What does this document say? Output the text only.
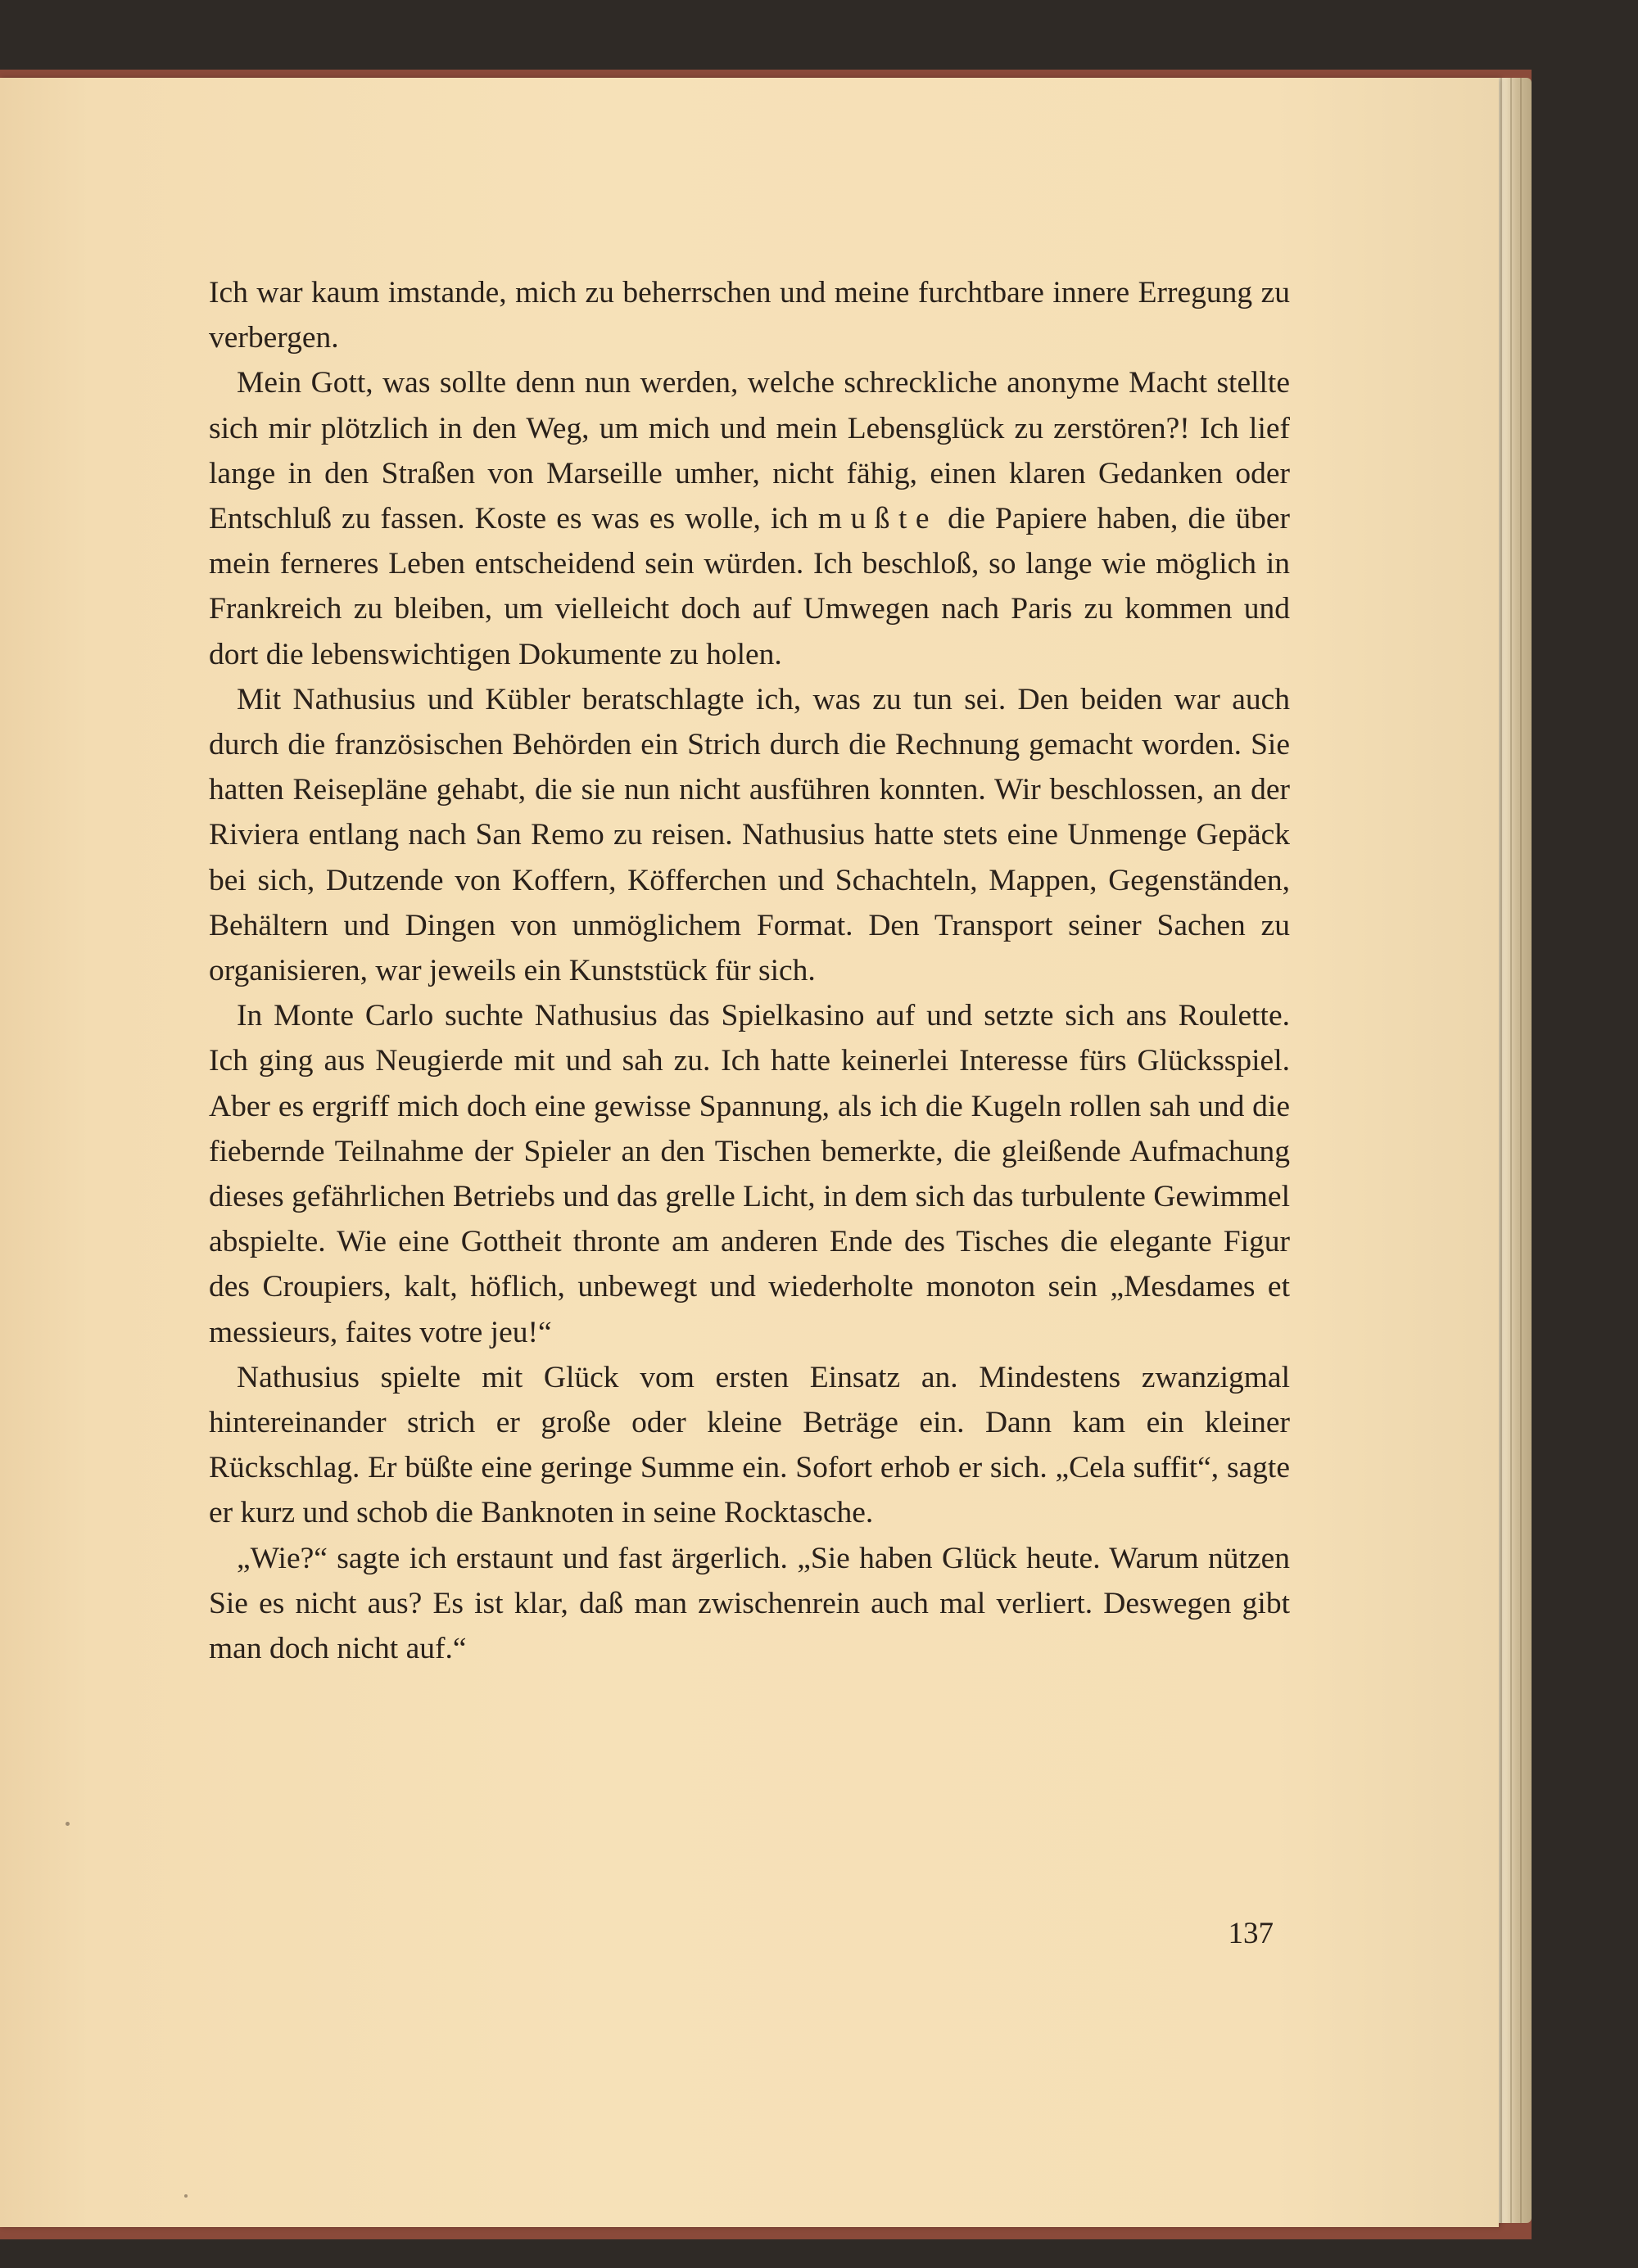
Ich war kaum imstande, mich zu beherrschen und meine furchtbare innere Erregung zu verbergen.

Mein Gott, was sollte denn nun werden, welche schreckliche anonyme Macht stellte sich mir plötzlich in den Weg, um mich und mein Lebensglück zu zerstören?! Ich lief lange in den Straßen von Marseille umher, nicht fähig, einen klaren Gedanken oder Entschluß zu fassen. Koste es was es wolle, ich mußte die Papiere haben, die über mein ferneres Leben entscheidend sein würden. Ich beschloß, so lange wie möglich in Frankreich zu bleiben, um vielleicht doch auf Umwegen nach Paris zu kommen und dort die lebenswichtigen Dokumente zu holen.

Mit Nathusius und Kübler beratschlagte ich, was zu tun sei. Den beiden war auch durch die französischen Behörden ein Strich durch die Rechnung gemacht worden. Sie hatten Reisepläne gehabt, die sie nun nicht ausführen konnten. Wir beschlossen, an der Riviera entlang nach San Remo zu reisen. Nathusius hatte stets eine Unmenge Gepäck bei sich, Dutzende von Koffern, Köfferchen und Schachteln, Mappen, Gegenständen, Behältern und Dingen von unmöglichem Format. Den Transport seiner Sachen zu organisieren, war jeweils ein Kunststück für sich.

In Monte Carlo suchte Nathusius das Spielkasino auf und setzte sich ans Roulette. Ich ging aus Neugierde mit und sah zu. Ich hatte keinerlei Interesse fürs Glücksspiel. Aber es ergriff mich doch eine gewisse Spannung, als ich die Kugeln rollen sah und die fiebernde Teilnahme der Spieler an den Tischen bemerkte, die gleißende Aufmachung dieses gefährlichen Betriebs und das grelle Licht, in dem sich das turbulente Gewimmel abspielte. Wie eine Gottheit thronte am anderen Ende des Tisches die elegante Figur des Croupiers, kalt, höflich, unbewegt und wiederholte monoton sein „Mesdames et messieurs, faites votre jeu!“

Nathusius spielte mit Glück vom ersten Einsatz an. Mindestens zwanzigmal hintereinander strich er große oder kleine Beträge ein. Dann kam ein kleiner Rückschlag. Er büßte eine geringe Summe ein. Sofort erhob er sich. „Cela suffit“, sagte er kurz und schob die Banknoten in seine Rocktasche.

„Wie?“ sagte ich erstaunt und fast ärgerlich. „Sie haben Glück heute. Warum nützen Sie es nicht aus? Es ist klar, daß man zwischenrein auch mal verliert. Deswegen gibt man doch nicht auf.“

137
